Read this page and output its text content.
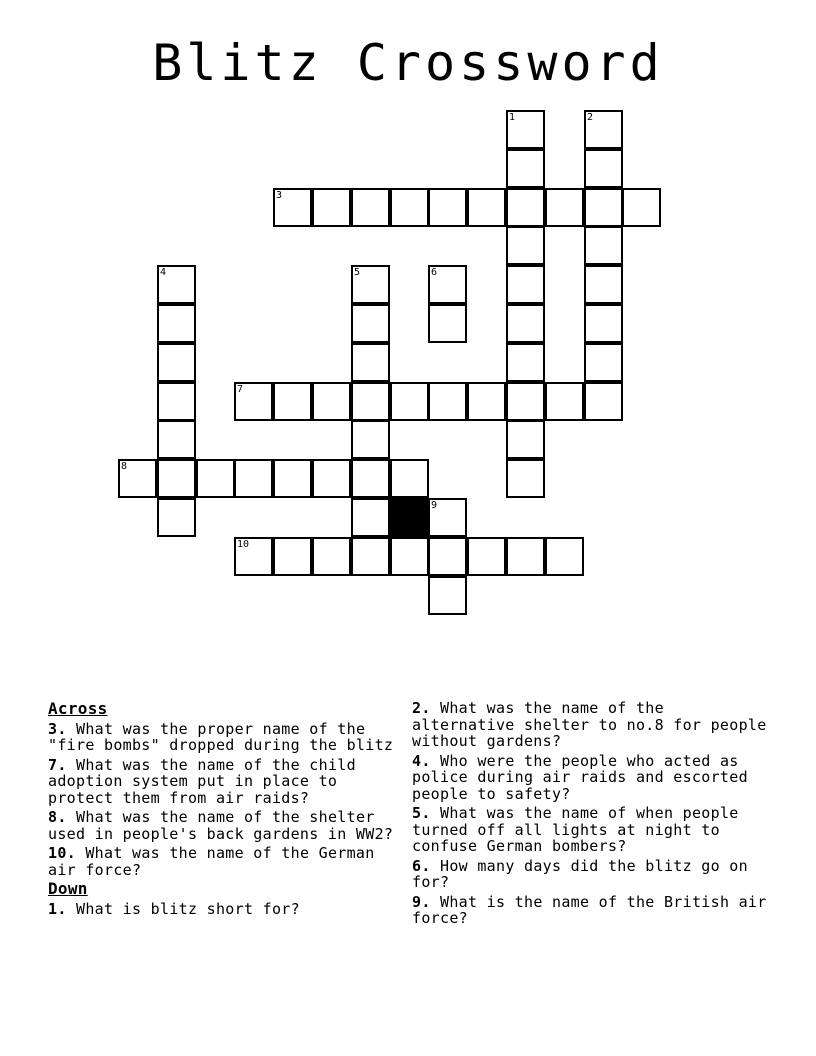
Blitz Crossword
1	2
3
4	5	6
7
8
9
10
Across
3. What was the proper name of the "fire bombs" dropped during the blitz
7. What was the name of the child adoption system put in place to protect them from air raids?
8. What was the name of the shelter used in people's back gardens in WW2?
10. What was the name of the German air force?
Down
1. What is blitz short for?
2. What was the name of the alternative shelter to no.8 for people without gardens?
4. Who were the people who acted as police during air raids and escorted people to safety?
5. What was the name of when people turned off all lights at night to confuse German bombers?
6. How many days did the blitz go on for?
9. What is the name of the British air force?
